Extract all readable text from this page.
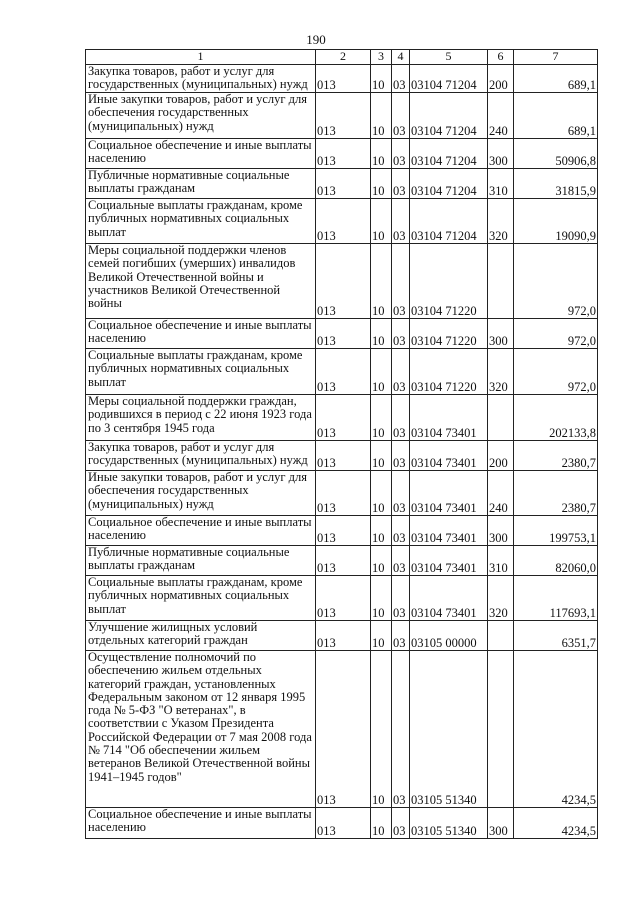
190
1	2	3	4	5	6	7
Закупка товаров, работ и услуг для государственных (муниципальных) нужд	013	10	03	03104 71204	200	689,1
Иные закупки товаров, работ и услуг для обеспечения государственных (муниципальных) нужд	013	10	03	03104 71204	240	689,1
Социальное обеспечение и иные выплаты населению	013	10	03	03104 71204	300	50906,8
Публичные нормативные социальные выплаты гражданам	013	10	03	03104 71204	310	31815,9
Социальные выплаты гражданам, кроме публичных нормативных социальных выплат	013	10	03	03104 71204	320	19090,9
Меры социальной поддержки членов семей погибших (умерших) инвалидов Великой Отечественной войны и участников Великой Отечественной войны	013	10	03	03104 71220		972,0
Социальное обеспечение и иные выплаты населению	013	10	03	03104 71220	300	972,0
Социальные выплаты гражданам, кроме публичных нормативных социальных выплат	013	10	03	03104 71220	320	972,0
Меры социальной поддержки граждан, родившихся в период с 22 июня 1923 года по 3 сентября 1945 года	013	10	03	03104 73401		202133,8
Закупка товаров, работ и услуг для государственных (муниципальных) нужд	013	10	03	03104 73401	200	2380,7
Иные закупки товаров, работ и услуг для обеспечения государственных (муниципальных) нужд	013	10	03	03104 73401	240	2380,7
Социальное обеспечение и иные выплаты населению	013	10	03	03104 73401	300	199753,1
Публичные нормативные социальные выплаты гражданам	013	10	03	03104 73401	310	82060,0
Социальные выплаты гражданам, кроме публичных нормативных социальных выплат	013	10	03	03104 73401	320	117693,1
Улучшение жилищных условий отдельных категорий граждан	013	10	03	03105 00000		6351,7
Осуществление полномочий по обеспечению жильем отдельных категорий граждан, установленных Федеральным законом от 12 января 1995 года № 5-ФЗ "О ветеранах", в соответствии с Указом Президента Российской Федерации от 7 мая 2008 года № 714 "Об обеспечении жильем ветеранов Великой Отечественной войны 1941–1945 годов"	013	10	03	03105 51340		4234,5
Социальное обеспечение и иные выплаты населению	013	10	03	03105 51340	300	4234,5
